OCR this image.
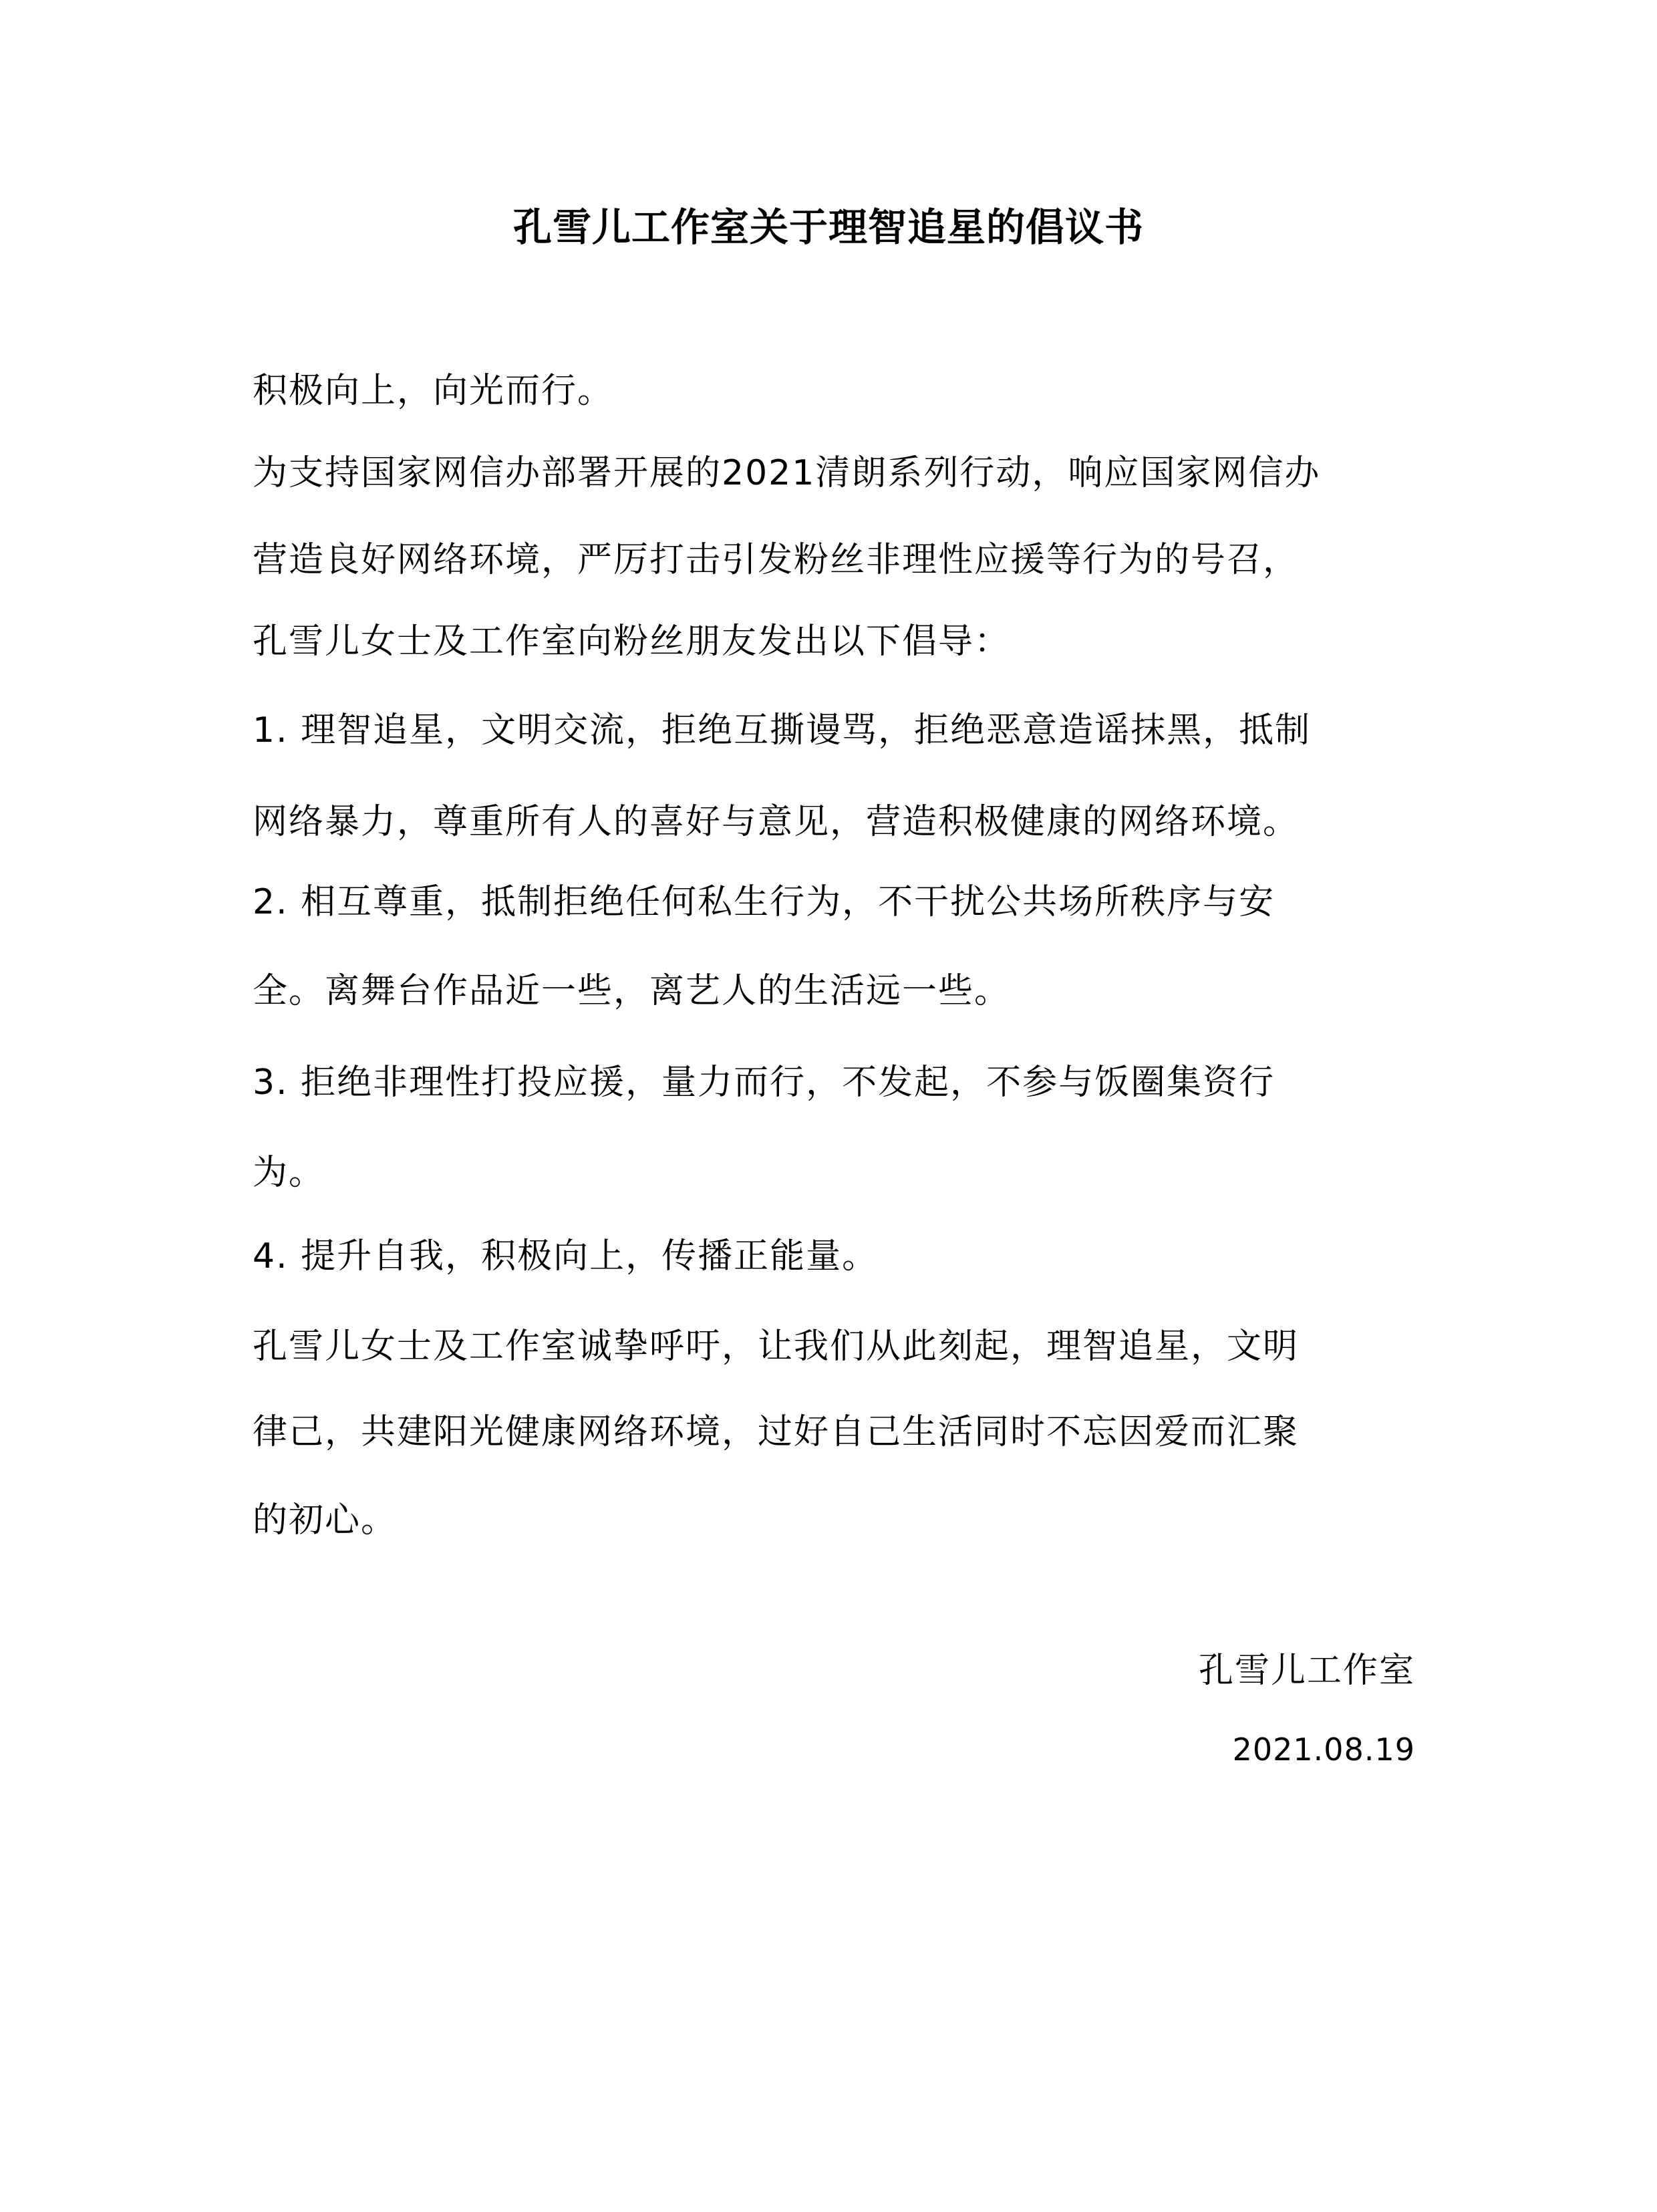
孔雪儿工作室关于理智追星的倡议书
积极向上，向光而行。
为支持国家网信办部署开展的2021清朗系列行动，响应国家网信办
营造良好网络环境，严厉打击引发粉丝非理性应援等行为的号召，
孔雪儿女士及工作室向粉丝朋友发出以下倡导：
1. 理智追星，文明交流，拒绝互撕谩骂，拒绝恶意造谣抹黑，抵制
网络暴力，尊重所有人的喜好与意见，营造积极健康的网络环境。
2. 相互尊重，抵制拒绝任何私生行为，不干扰公共场所秩序与安
全。离舞台作品近一些，离艺人的生活远一些。
3. 拒绝非理性打投应援，量力而行，不发起，不参与饭圈集资行
为。
4. 提升自我，积极向上，传播正能量。
孔雪儿女士及工作室诚挚呼吁，让我们从此刻起，理智追星，文明
律己，共建阳光健康网络环境，过好自己生活同时不忘因爱而汇聚
的初心。
孔雪儿工作室
2021.08.19
